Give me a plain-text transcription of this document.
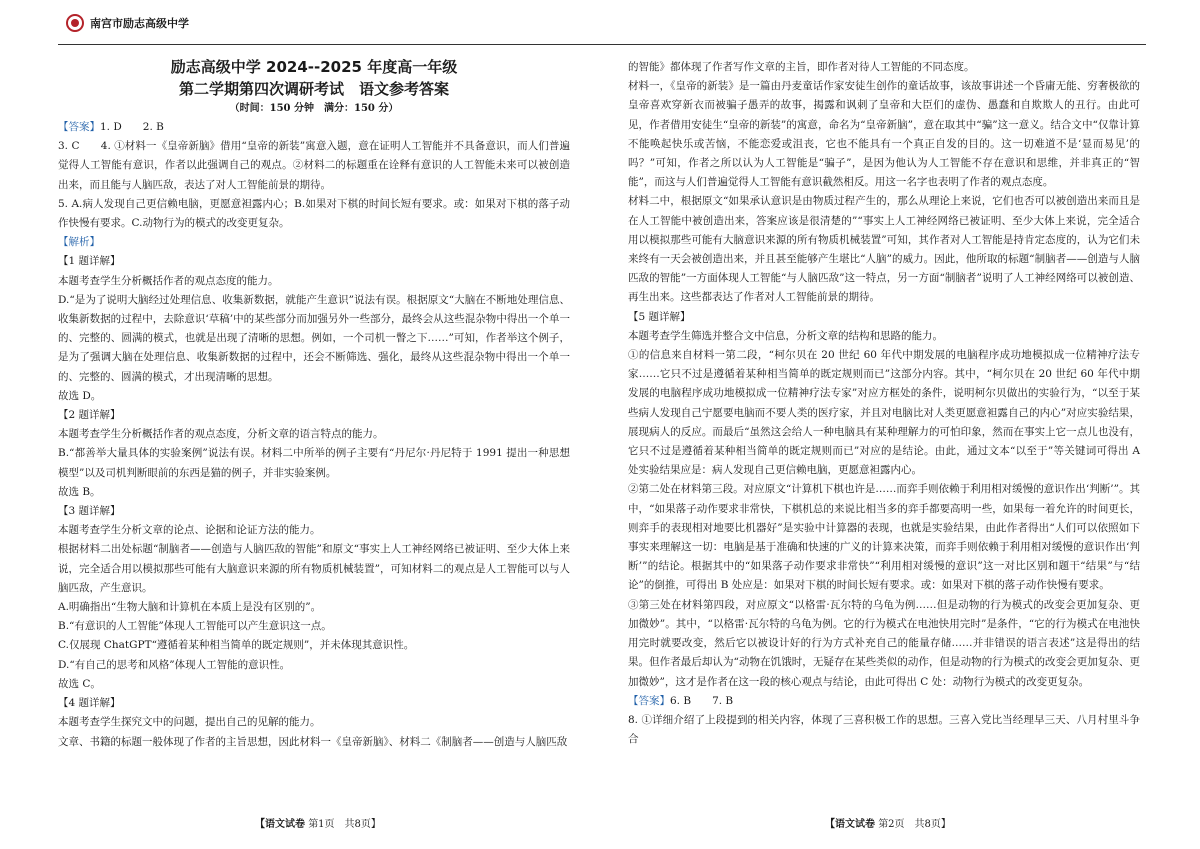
南宫市励志高级中学
励志高级中学 2024--2025 年度高一年级
第二学期第四次调研考试　语文参考答案
（时间：150 分钟　满分：150 分）

【答案】1. D　　2. B

3. C　　4. ①材料一《皇帝新脑》借用“皇帝的新装”寓意入题，意在证明人工智能并不具备意识，而人们普遍觉得人工智能有意识，作者以此强调自己的观点。②材料二的标题重在诠释有意识的人工智能未来可以被创造出来，而且能与人脑匹敌，表达了对人工智能前景的期待。

5. A.病人发现自己更信赖电脑，更愿意袒露内心；B.如果对下棋的时间长短有要求。或：如果对下棋的落子动作快慢有要求。C.动物行为的模式的改变更复杂。

【解析】

【1 题详解】

本题考查学生分析概括作者的观点态度的能力。

D.“是为了说明大脑经过处理信息、收集新数据，就能产生意识”说法有误。根据原文“大脑在不断地处理信息、收集新数据的过程中，去除意识‘草稿’中的某些部分而加强另外一些部分，最终会从这些混杂物中得出一个单一的、完整的、圆满的模式，也就是出现了清晰的思想。例如，一个司机一瞥之下……”可知，作者举这个例子，是为了强调大脑在处理信息、收集新数据的过程中，还会不断筛选、强化，最终从这些混杂物中得出一个单一的、完整的、圆满的模式，才出现清晰的思想。

故选 D。

【2 题详解】

本题考查学生分析概括作者的观点态度，分析文章的语言特点的能力。

B.“都善举大量具体的实验案例”说法有误。材料二中所举的例子主要有“丹尼尔·丹尼特于 1991 提出一种思想模型”以及司机判断眼前的东西是猫的例子，并非实验案例。

故选 B。

【3 题详解】

本题考查学生分析文章的论点、论据和论证方法的能力。

根据材料二出处标题“制脑者——创造与人脑匹敌的智能”和原文“事实上人工神经网络已被证明、至少大体上来说，完全适合用以模拟那些可能有大脑意识来源的所有物质机械装置”，可知材料二的观点是人工智能可以与人脑匹敌，产生意识。

A.明确指出“生物大脑和计算机在本质上是没有区别的”。

B.“有意识的人工智能”体现人工智能可以产生意识这一点。

C.仅展现 ChatGPT“遵循着某种相当简单的既定规则”，并未体现其意识性。

D.“有自己的思考和风格”体现人工智能的意识性。

故选 C。

【4 题详解】

本题考查学生探究文中的问题，提出自己的见解的能力。

文章、书籍的标题一般体现了作者的主旨思想，因此材料一《皇帝新脑》、材料二《制脑者——创造与人脑匹敌

的智能》都体现了作者写作文章的主旨，即作者对待人工智能的不同态度。

材料一，《皇帝的新装》是一篇由丹麦童话作家安徒生创作的童话故事，该故事讲述一个昏庸无能、穷奢极欲的皇帝喜欢穿新衣而被骗子愚弄的故事，揭露和讽刺了皇帝和大臣们的虚伪、愚蠢和自欺欺人的丑行。由此可见，作者借用安徒生“皇帝的新装”的寓意，命名为“皇帝新脑”，意在取其中“骗”这一意义。结合文中“仅靠计算不能唤起快乐或苦恼，不能恋爱或沮丧，它也不能具有一个真正自发的目的。这一切难道不是‘显而易见’的吗？”可知，作者之所以认为人工智能是“骗子”，是因为他认为人工智能不存在意识和思维，并非真正的“智能”，而这与人们普遍觉得人工智能有意识截然相反。用这一名字也表明了作者的观点态度。

材料二中，根据原文“如果承认意识是由物质过程产生的，那么从理论上来说，它们也否可以被创造出来而且是在人工智能中被创造出来，答案应该是很清楚的”“事实上人工神经网络已被证明、至少大体上来说，完全适合用以模拟那些可能有大脑意识来源的所有物质机械装置”可知，其作者对人工智能是持肯定态度的，认为它们未来终有一天会被创造出来，并且甚至能够产生堪比“人脑”的威力。因此，他所取的标题“制脑者——创造与人脑匹敌的智能”一方面体现人工智能“与人脑匹敌”这一特点，另一方面“制脑者”说明了人工神经网络可以被创造、再生出来。这些都表达了作者对人工智能前景的期待。

【5 题详解】

本题考查学生筛选并整合文中信息，分析文章的结构和思路的能力。

①的信息来自材料一第二段，“柯尔贝在 20 世纪 60 年代中期发展的电脑程序成功地模拟成一位精神疗法专家……它只不过是遵循着某种相当简单的既定规则而已”这部分内容。其中，“柯尔贝在 20 世纪 60 年代中期发展的电脑程序成功地模拟成一位精神疗法专家”对应方框处的条件，说明柯尔贝做出的实验行为，“以至于某些病人发现自己宁愿要电脑而不要人类的医疗家，并且对电脑比对人类更愿意袒露自己的内心”对应实验结果，展现病人的反应。而最后“虽然这会给人一种电脑具有某种理解力的可怕印象，然而在事实上它一点儿也没有，它只不过是遵循着某种相当简单的既定规则而已”对应的是结论。由此，通过文本“以至于”等关键词可得出 A 处实验结果应是：病人发现自己更信赖电脑，更愿意袒露内心。

②第二处在材料第三段。对应原文“计算机下棋也许是……而弈手则依赖于利用相对缓慢的意识作出‘判断’”。其中，“如果落子动作要求非常快，下棋机总的来说比相当多的弈手都要高明一些，如果每一着允许的时间更长，则弈手的表现相对地要比机器好”是实验中计算器的表现，也就是实验结果，由此作者得出“人们可以依照如下事实来理解这一切：电脑是基于准确和快速的广义的计算来决策，而弈手则依赖于利用相对缓慢的意识作出‘判断’”的结论。根据其中的“如果落子动作要求非常快”“利用相对缓慢的意识”这一对比区别和题干“结果”与“结论”的倒推，可得出 B 处应是：如果对下棋的时间长短有要求。或：如果对下棋的落子动作快慢有要求。

③第三处在材料第四段，对应原文“以格雷·瓦尔特的乌龟为例……但是动物的行为模式的改变会更加复杂、更加微妙”。其中，“以格雷·瓦尔特的乌龟为例。它的行为模式在电池快用完时”是条件，“它的行为模式在电池快用完时就要改变，然后它以被设计好的行为方式补充自己的能量存储……并非错误的语言表述”这是得出的结果。但作者最后却认为“动物在饥饿时，无疑存在某些类似的动作，但是动物的行为模式的改变会更加复杂、更加微妙”，这才是作者在这一段的核心观点与结论，由此可得出 C 处：动物行为模式的改变更复杂。

【答案】6. B　　7. B

8. ①详细介绍了上段提到的相关内容，体现了三喜积极工作的思想。三喜入党比当经理早三天、八月村里斗争合

【语文试卷 第1页　共8页】	【语文试卷 第2页　共8页】
